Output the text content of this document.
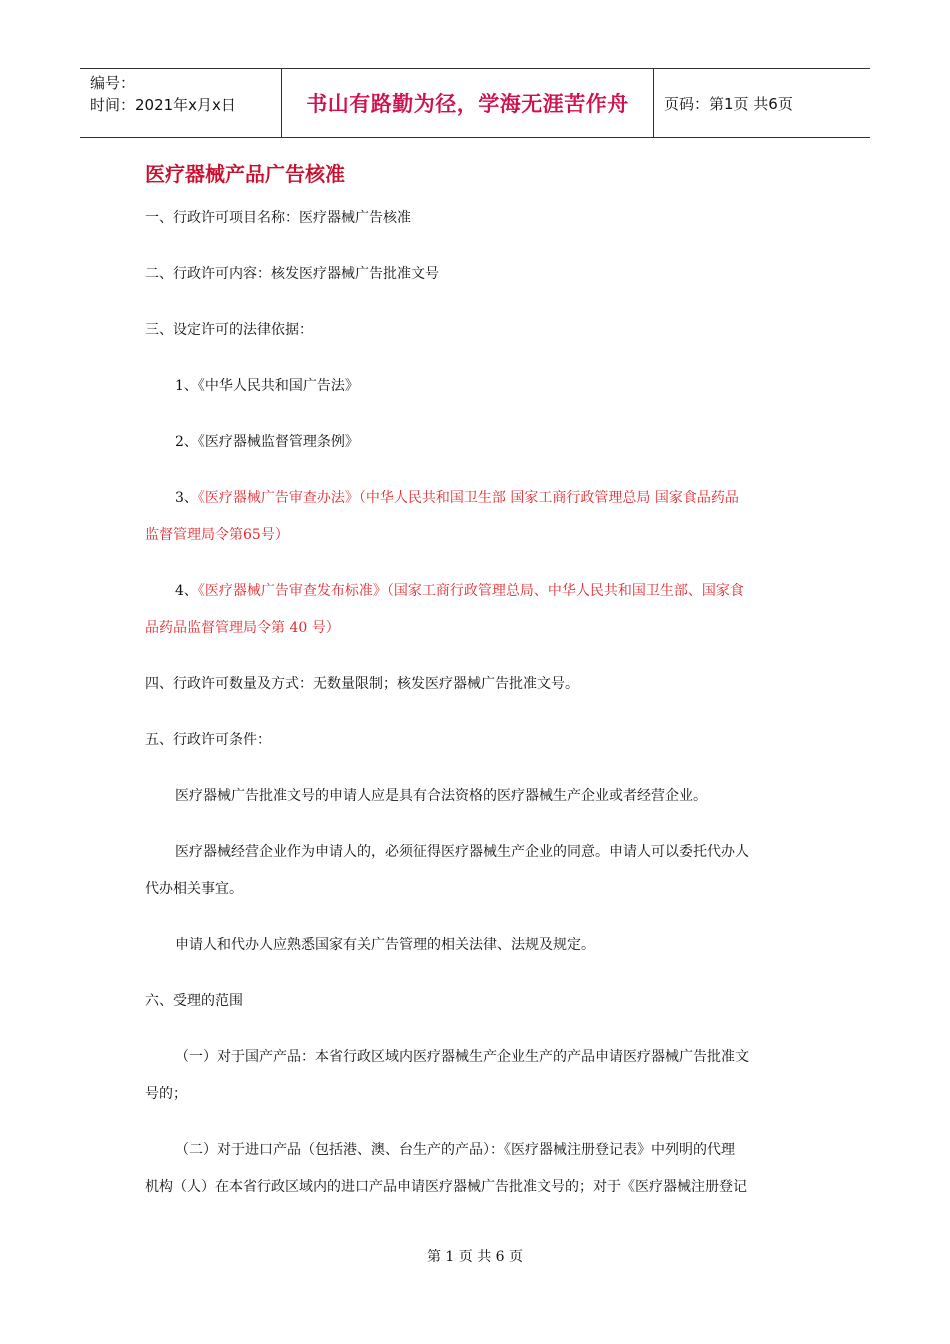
编号：
时间：2021年x月x日	书山有路勤为径，学海无涯苦作舟	页码：第1页 共6页
医疗器械产品广告核准
一、行政许可项目名称：医疗器械广告核准
二、行政许可内容：核发医疗器械广告批准文号
三、设定许可的法律依据：
1、《中华人民共和国广告法》
2、《医疗器械监督管理条例》
3、《医疗器械广告审查办法》（中华人民共和国卫生部 国家工商行政管理总局 国家食品药品
监督管理局令第65号）
4、《医疗器械广告审查发布标准》（国家工商行政管理总局、中华人民共和国卫生部、国家食
品药品监督管理局令第 40 号）
四、行政许可数量及方式：无数量限制；核发医疗器械广告批准文号。
五、行政许可条件：
医疗器械广告批准文号的申请人应是具有合法资格的医疗器械生产企业或者经营企业。
医疗器械经营企业作为申请人的，必须征得医疗器械生产企业的同意。申请人可以委托代办人
代办相关事宜。
申请人和代办人应熟悉国家有关广告管理的相关法律、法规及规定。
六、受理的范围
（一）对于国产产品：本省行政区域内医疗器械生产企业生产的产品申请医疗器械广告批准文
号的；
（二）对于进口产品（包括港、澳、台生产的产品）：《医疗器械注册登记表》中列明的代理
机构（人）在本省行政区域内的进口产品申请医疗器械广告批准文号的；对于《医疗器械注册登记
第 1 页 共 6 页
